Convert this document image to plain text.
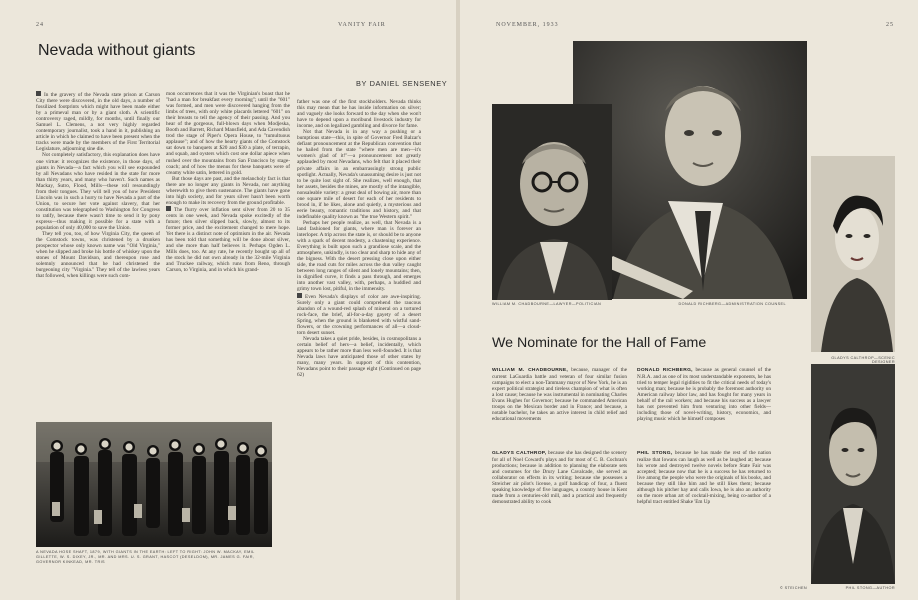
24	VANITY FAIR
Nevada without giants
BY DANIEL SENSENEY

In the gravery of the Nevada state prison at Carson City there were discovered, in the old days, a number of fossilized footprints which might have been made either by a primeval man or by a giant sloth. A scientific controversy raged, mildly, for months, until finally our Samuel L. Clemens, a not very highly regarded contemporary journalist, took a hand in it, publishing an article in which he claimed to have been present when the tracks were made by the members of the First Territorial Legislature, adjourning sine die.

Not completely satisfactory, this explanation does have one virtue: it recognizes the existence, in those days, of giants in Nevada—a fact which you will see expounded by all Nevadans who have resided in the state for more than thirty years, and many who haven't. Such names as Mackay, Sutro, Flood, Mills—these roll resoundingly from their tongues. They will tell you of how President Lincoln was in such a hurry to have Nevada a part of the Union, to secure her vote against slavery, that her constitution was telegraphed to Washington for Congress to ratify, because there wasn't time to send it by pony express—thus making it possible for a state with a population of only 40,000 to save the Union.

They tell you, too, of how Virginia City, the queen of the Comstock towns, was christened by a drunken prospector whose only known name was "Old Virginia," when he slipped and broke his bottle of whiskey upon the stones of Mount Davidson, and thereupon rose and solemnly announced that he had christened the burgeoning city "Virginia." They tell of the lawless years that followed, when killings were such com-

mon occurrences that it was the Virginian's boast that he "had a man for breakfast every morning"; until the "601" was formed, and men were discovered hanging from the limbs of trees, with only white placards lettered "601" on their breasts to tell the agency of their passing. And you hear of the gorgeous, full-blown days when Modjeska, Booth and Barrett, Richard Mansfield, and Ada Cavendish trod the stage of Piper's Opera House, to "tumultuous applause"; and of how the hearty giants of the Comstock sat down to banquets at $20 and $30 a plate, of terrapin, and squab, and oysters which cost one dollar apiece when rushed over the mountains from San Francisco by stage-coach; and of how the menus for these banquets were of creamy white satin, lettered in gold.

But those days are past, and the melancholy fact is that there are no longer any giants in Nevada, nor anything wherewith to give them sustenance. The giants have gone into high society, and for years silver hasn't been worth enough to make its recovery from the ground profitable.

The flurry over inflation sent silver from 20 to 35 cents in one week, and Nevada spoke excitedly of the future; then silver slipped back, slowly, almost to its former price, and the excitement changed to mere hope. Yet there is a distinct note of optimism in the air. Nevada has been told that something will be done about silver, and she more than half believes it. Perhaps Ogden L. Mills does, too. At any rate, he recently bought up all of the stock he did not own already in the 32-mile Virginia and Truckee railway, which runs from Reno, through Carson, to Virginia, and in which his grand-

father was one of the first stockholders. Nevada thinks this may mean that he has inside information on silver; and vaguely she looks forward to the day when she won't have to depend upon a moribund livestock industry for income, and on legalized gambling and divorce for fame.

Not that Nevada is in any way a pushing or a bumptious state—this, in spite of Governor Fred Balzar's defiant pronouncement at the Republican convention that he hailed from the state "where men are men—it's women's glad of it!"—a pronouncement not greatly applauded by most Nevadans, who felt that it placed their private affairs in an embarrassingly strong public spotlight. Actually, Nevada's unassuming desire is just not to be quite lost sight of. She realizes, well enough, that her assets, besides the mines, are mostly of the intangible, nonsaleable variety: a great deal of bowing air, more than one square mile of desert for each of her residents to brood in, if he likes, alone and quietly, a mysterious and eerie beauty, romantic traditions and history, and that indefinable quality known as "the true Western spirit."

Perhaps her people realize, as well, that Nevada is a land fashioned for giants, where man is forever an interloper. A trip across the state is, or should be to anyone with a spark of decent modesty, a chastening experience. Everything is built upon such a grandiose scale, and the atmosphere, unkindly, is too clear and sharp to hide any of the bigness. With the desert pressing close upon either side, the road cuts for miles across the dun valley caught between long ranges of silent and lonely mountains; then, in dignified curve, it finds a pass through, and emerges into another vast valley, with, perhaps, a huddled and grimy town lost, pitiful, in the immensity.

Even Nevada's displays of color are awe-inspiring. Surely only a giant could comprehend the raucous abandon of a wound-red splash of mineral on a tortured rock-face, the brief, all-for-a-day gayety of a desert Spring, when the ground is blanketed with wistful sand-flowers, or the crowning performances of all—a cloud-torn desert sunset.

Nevada takes a quiet pride, besides, in cosmopolitans a certain belief of hers—a belief, incidentally, which appears to be rather more than less well-founded. It is that Nevada laws have anticipated those of other states by many, many years. In support of this contention, Nevadans point to their passage eight (Continued on page 62)

A NEVADA HOSE SHAFT, 1879, WITH GIANTS IN THE EARTH: LEFT TO RIGHT: JOHN W. MACKAY, EMIL GILLETTE, W. S. DIXEY, JR., MR. AND MRS. U. S. GRANT, HASCOT (DESELDOM), MR. JAMES G. FAIR, GOVERNOR KINKEAD, MR. TRIS
NOVEMBER, 1933	25
DONALD RICHBERG—ADMINISTRATION COUNSEL
WILLIAM M. CHADBOURNE—LAWYER—POLITICIAN
GLADYS CALTHROP—SCENIC DESIGNER
PHIL STONG—AUTHOR
© STEICHEN
We Nominate for the Hall of Fame
WILLIAM M. CHADBOURNE, because, manager of the current LaGuardia battle and veteran of four similar fusion campaigns to elect a non-Tammany mayor of New York, he is an expert political strategist and tireless champion of what is often a lost cause; because he was instrumental in nominating Charles Evans Hughes for Governor; because he commanded American troops on the Mexican border and in France; and because, a notable bachelor, he takes an active interest in child relief and educational movements
GLADYS CALTHROP, because she has designed the scenery for all of Noel Coward's plays and for most of C. B. Cochran's productions; because in addition to planning the elaborate sets and costumes for the Drury Lane Cavalcade, she served as collaborator on effects in its writing; because she possesses a Streicher air pilot's license, a golf handicap of four, a fluent speaking knowledge of five languages, a country house in Kent made from a centuries-old mill, and a practical and frequently demonstrated ability to cook
DONALD RICHBERG, because as general counsel of the N.R.A. and as one of its most understandable exponents, he has tried to temper legal rigidities to fit the critical needs of today's working man; because he is probably the foremost authority on American railway labor law, and has fought for many years in behalf of the rail workers; and because his success as a lawyer has not prevented him from venturing into other fields—including those of novel-writing, history, economics, and playing music which he himself composes
PHIL STONG, because he has made the rest of the nation realize that Iowans can laugh as well as be laughed at; because his wrote and destroyed twelve novels before State Fair was accepted; because now that he is a success he has returned to live among the people who were the originals of his books, and because they still like him and he still likes them; because although his pitcher hay and calls Iowa, he is also an authority on the more urban art of cocktail-mixing, being co-author of a helpful tract entitled Shake 'Em Up
